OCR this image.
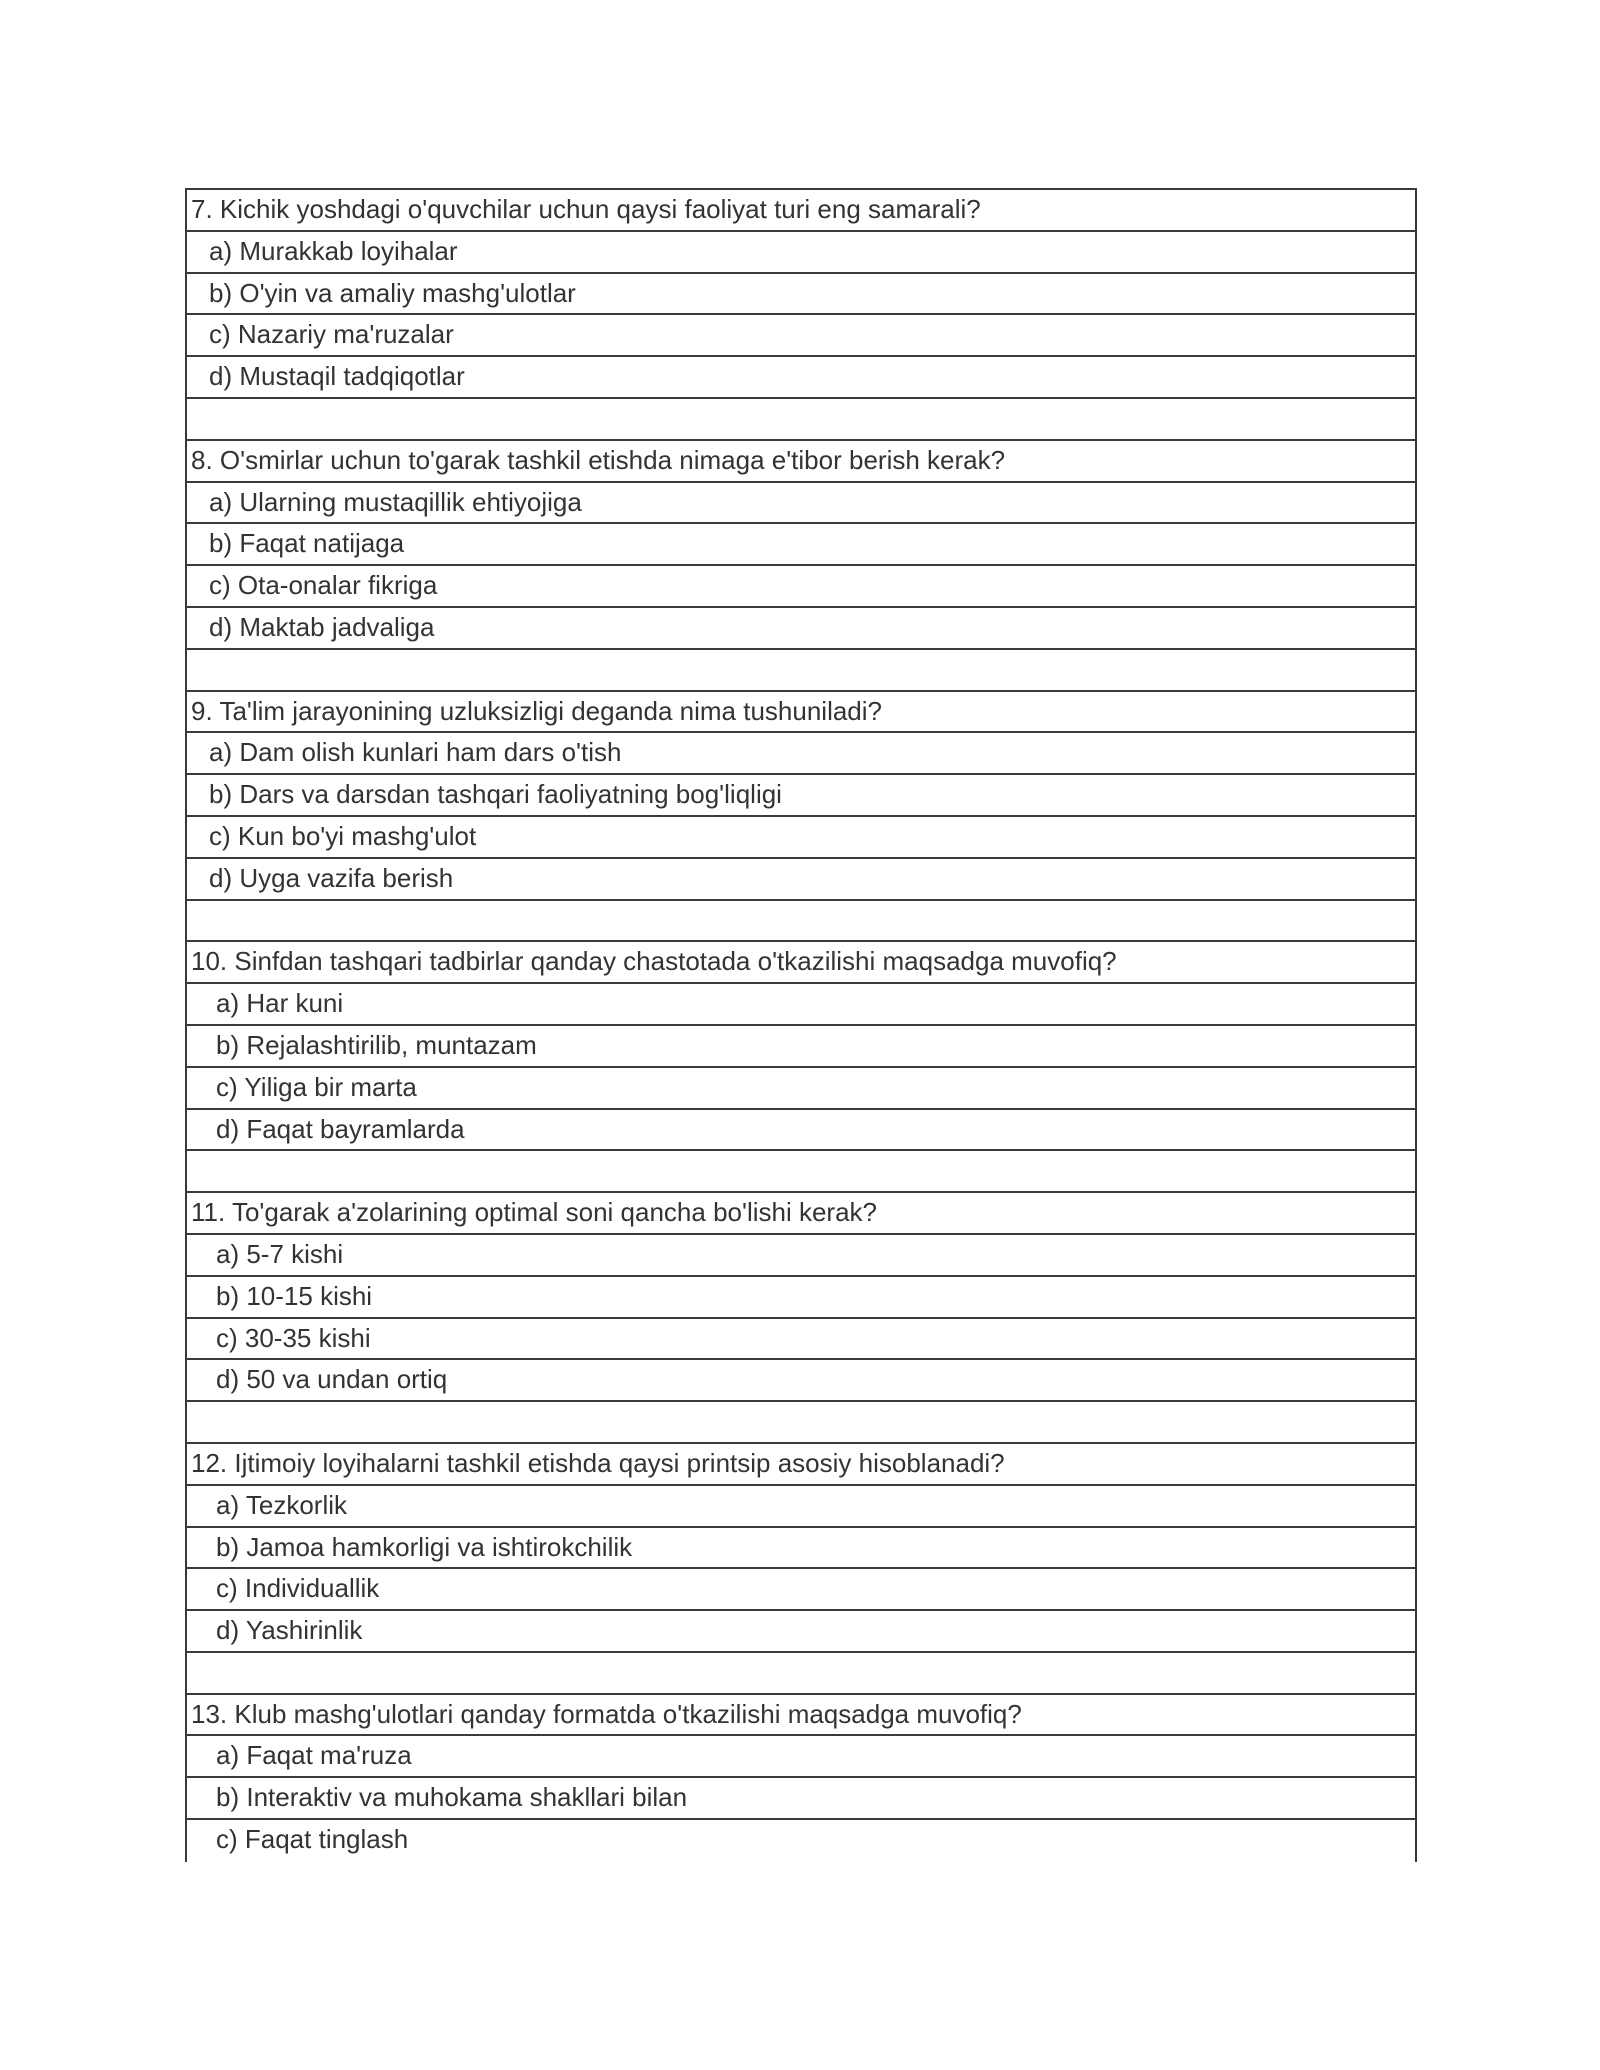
7. Kichik yoshdagi o'quvchilar uchun qaysi faoliyat turi eng samarali?
a) Murakkab loyihalar
b) O'yin va amaliy mashg'ulotlar
c) Nazariy ma'ruzalar
d) Mustaqil tadqiqotlar
8. O'smirlar uchun to'garak tashkil etishda nimaga e'tibor berish kerak?
a) Ularning mustaqillik ehtiyojiga
b) Faqat natijaga
c) Ota-onalar fikriga
d) Maktab jadvaliga
9. Ta'lim jarayonining uzluksizligi deganda nima tushuniladi?
a) Dam olish kunlari ham dars o'tish
b) Dars va darsdan tashqari faoliyatning bog'liqligi
c) Kun bo'yi mashg'ulot
d) Uyga vazifa berish
10. Sinfdan tashqari tadbirlar qanday chastotada o'tkazilishi maqsadga muvofiq?
a) Har kuni
b) Rejalashtirilib, muntazam
c) Yiliga bir marta
d) Faqat bayramlarda
11. To'garak a'zolarining optimal soni qancha bo'lishi kerak?
a) 5-7 kishi
b) 10-15 kishi
c) 30-35 kishi
d) 50 va undan ortiq
12. Ijtimoiy loyihalarni tashkil etishda qaysi printsip asosiy hisoblanadi?
a) Tezkorlik
b) Jamoa hamkorligi va ishtirokchilik
c) Individuallik
d) Yashirinlik
13. Klub mashg'ulotlari qanday formatda o'tkazilishi maqsadga muvofiq?
a) Faqat ma'ruza
b) Interaktiv va muhokama shakllari bilan
c) Faqat tinglash
